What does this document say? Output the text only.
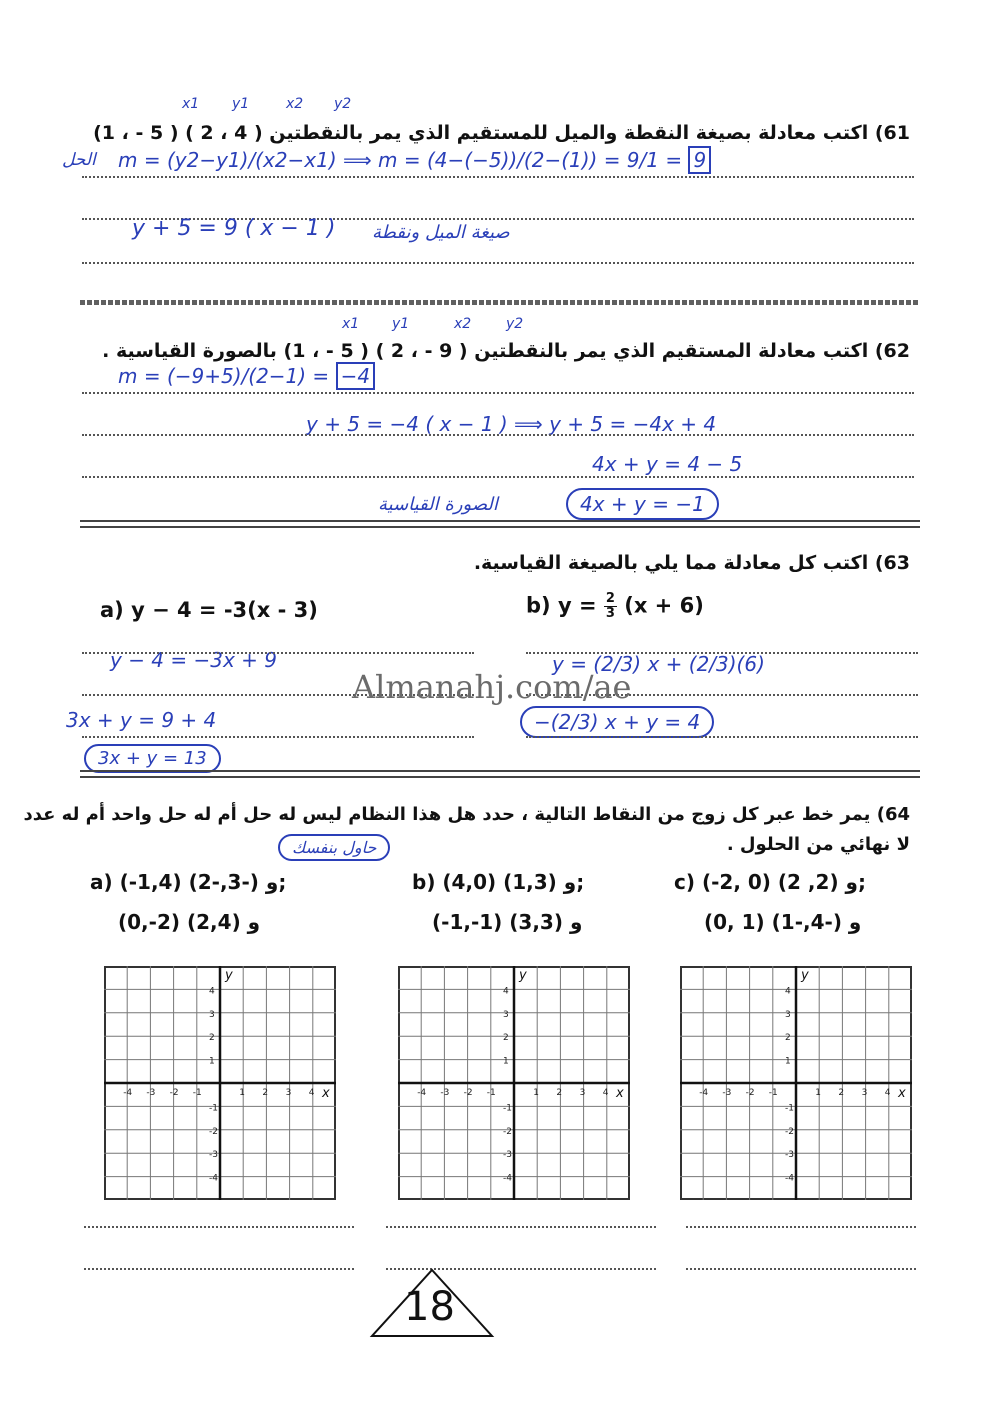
x1 y1	x2 y2
61) اكتب معادلة بصيغة النقطة والميل للمستقيم الذي يمر بالنقطتين ( 4 ، 2 ) ( 5 - ، 1)
الحل m = (y2−y1)/(x2−x1) ⟹ m = (4−(−5))/(2−(1)) = 9/1 = 9
y + 5 = 9 ( x − 1 ) صيغة الميل ونقطة
x1 y1	x2 y2
62) اكتب معادلة المستقيم الذي يمر بالنقطتين ( 9 - ، 2 ) ( 5 - ، 1) بالصورة القياسية .
m = (−9+5)/(2−1) = −4
y + 5 = −4 ( x − 1 ) ⟹ y + 5 = −4x + 4
4x + y = 4 − 5
الصورة القياسية	4x + y = −1
63) اكتب كل معادلة مما يلي بالصيغة القياسية.
a) y − 4 = -3(x - 3)	b) $y = \frac{2}{3} (x + 6)$
y − 4 = −3x + 9
3x + y = 9 + 4
3x + y = 13
y = (2/3) x + (2/3)(6)
−(2/3) x + y = 4
Almanahj.com/ae
64) يمر خط عبر كل زوج من النقاط التالية ، حدد هل هذا النظام ليس له حل أم له حل واحد أم له عدد
لا نهائي من الحلول .
حاول بنفسك
a) (-1,4) و (-3,-2);
(0,-2) و (2,4)
b) (4,0) و (1,3);
(-1,-1) و (3,3)
c) (-2, 0) و (2, 2);
(0, 1) و (-4,-1)
-4 -3 -2 -1	1 2 3 4
4
3
2
1
-1
-2
-3
-4
x
y
-4 -3 -2 -1	1 2 3 4
4
3
2
1
-1
-2
-3
-4
x
y
-4 -3 -2 -1	1 2 3 4
4
3
2
1
-1
-2
-3
-4
x
y
18
